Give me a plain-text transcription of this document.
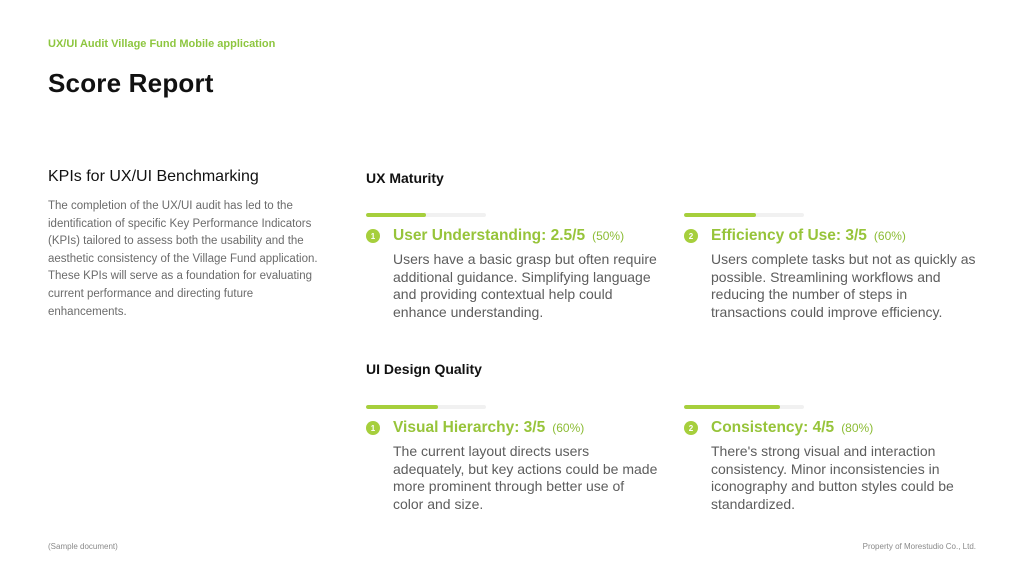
UX/UI Audit Village Fund Mobile application
Score Report
KPIs for UX/UI Benchmarking

The completion of the UX/UI audit has led to the identification of specific Key Performance Indicators (KPIs) tailored to assess both the usability and the aesthetic consistency of the Village Fund application. These KPIs will serve as a foundation for evaluating current performance and directing future enhancements.

UX Maturity
1	User Understanding: 2.5/5 (50%)
Users have a basic grasp but often require additional guidance. Simplifying language and providing contextual help could enhance understanding.
2	Efficiency of Use: 3/5 (60%)
Users complete tasks but not as quickly as possible. Streamlining workflows and reducing the number of steps in transactions could improve efficiency.
UI Design Quality
1	Visual Hierarchy: 3/5 (60%)
The current layout directs users adequately, but key actions could be made more prominent through better use of color and size.
2	Consistency: 4/5 (80%)
There's strong visual and interaction consistency. Minor inconsistencies in iconography and button styles could be standardized.
(Sample document)	Property of Morestudio Co., Ltd.
